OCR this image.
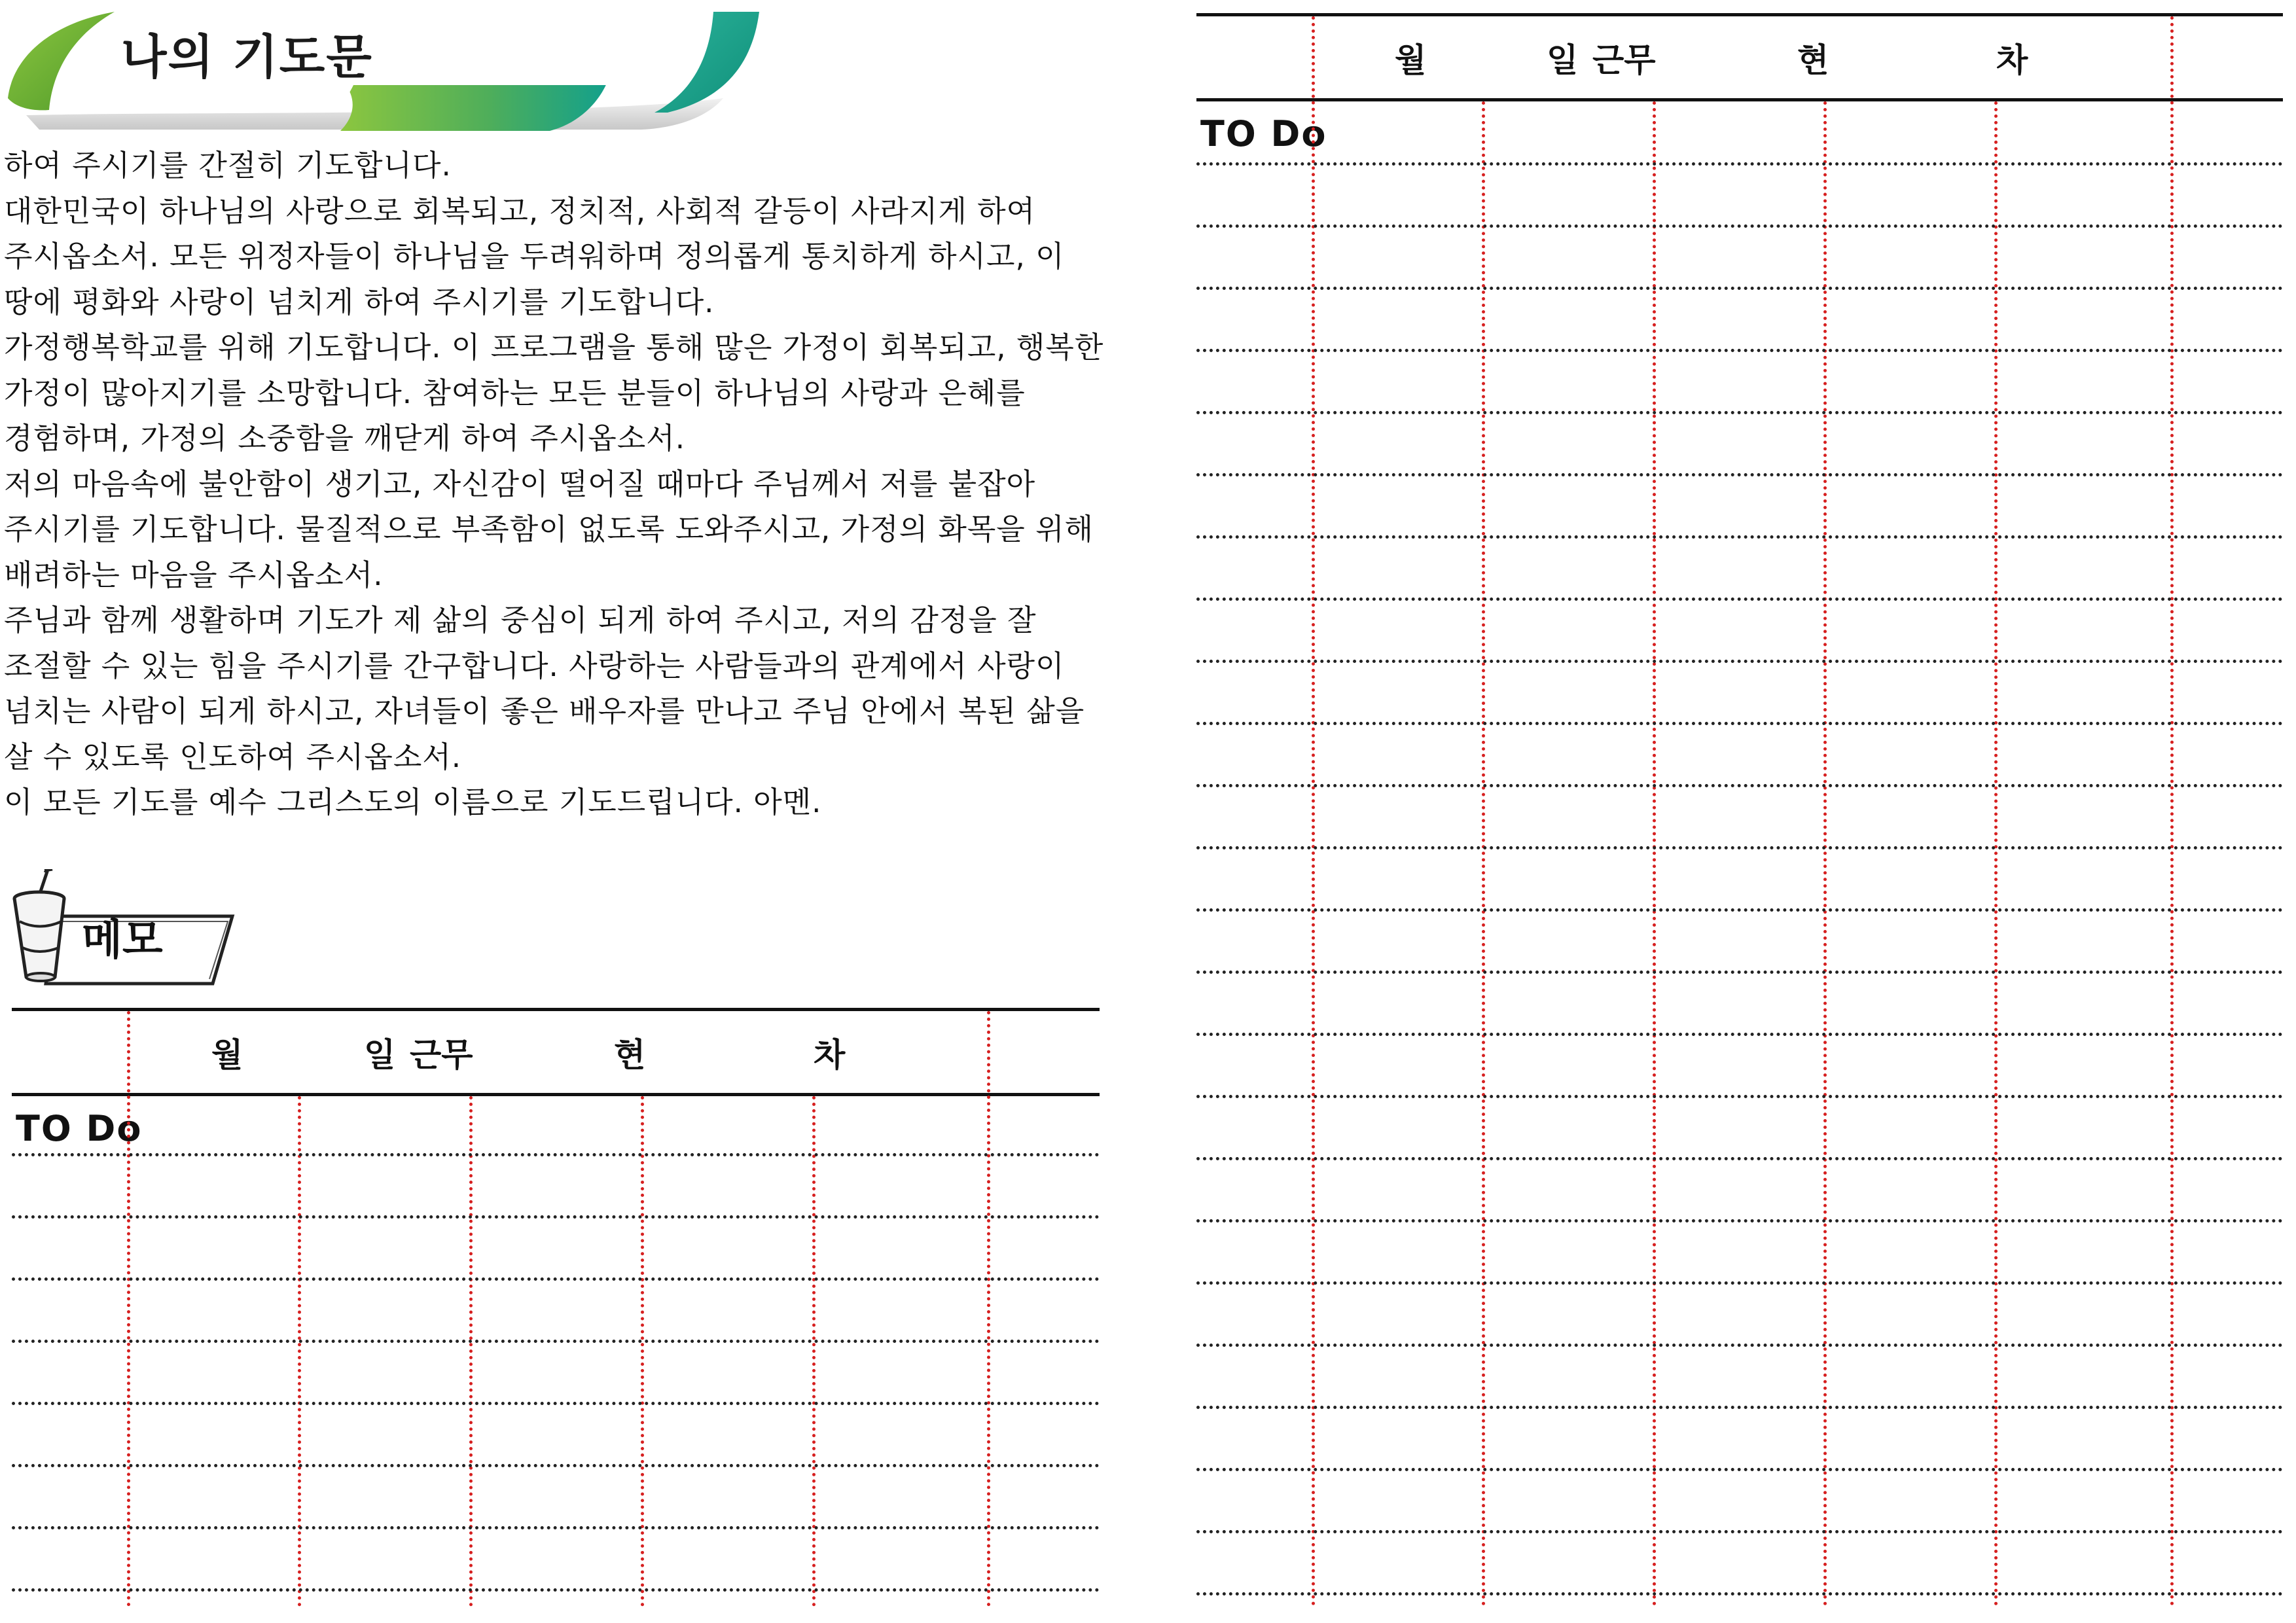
나의 기도문
하여 주시기를 간절히 기도합니다.
대한민국이 하나님의 사랑으로 회복되고, 정치적, 사회적 갈등이 사라지게 하여
주시옵소서. 모든 위정자들이 하나님을 두려워하며 정의롭게 통치하게 하시고, 이
땅에 평화와 사랑이 넘치게 하여 주시기를 기도합니다.
가정행복학교를 위해 기도합니다. 이 프로그램을 통해 많은 가정이 회복되고, 행복한
가정이 많아지기를 소망합니다. 참여하는 모든 분들이 하나님의 사랑과 은혜를
경험하며, 가정의 소중함을 깨닫게 하여 주시옵소서.
저의 마음속에 불안함이 생기고, 자신감이 떨어질 때마다 주님께서 저를 붙잡아
주시기를 기도합니다. 물질적으로 부족함이 없도록 도와주시고, 가정의 화목을 위해
배려하는 마음을 주시옵소서.
주님과 함께 생활하며 기도가 제 삶의 중심이 되게 하여 주시고, 저의 감정을 잘
조절할 수 있는 힘을 주시기를 간구합니다. 사랑하는 사람들과의 관계에서 사랑이
넘치는 사람이 되게 하시고, 자녀들이 좋은 배우자를 만나고 주님 안에서 복된 삶을
살 수 있도록 인도하여 주시옵소서.
이 모든 기도를 예수 그리스도의 이름으로 기도드립니다. 아멘.
메모
월	일 근무	현	차
TO Do
월	일 근무	현	차
TO Do
